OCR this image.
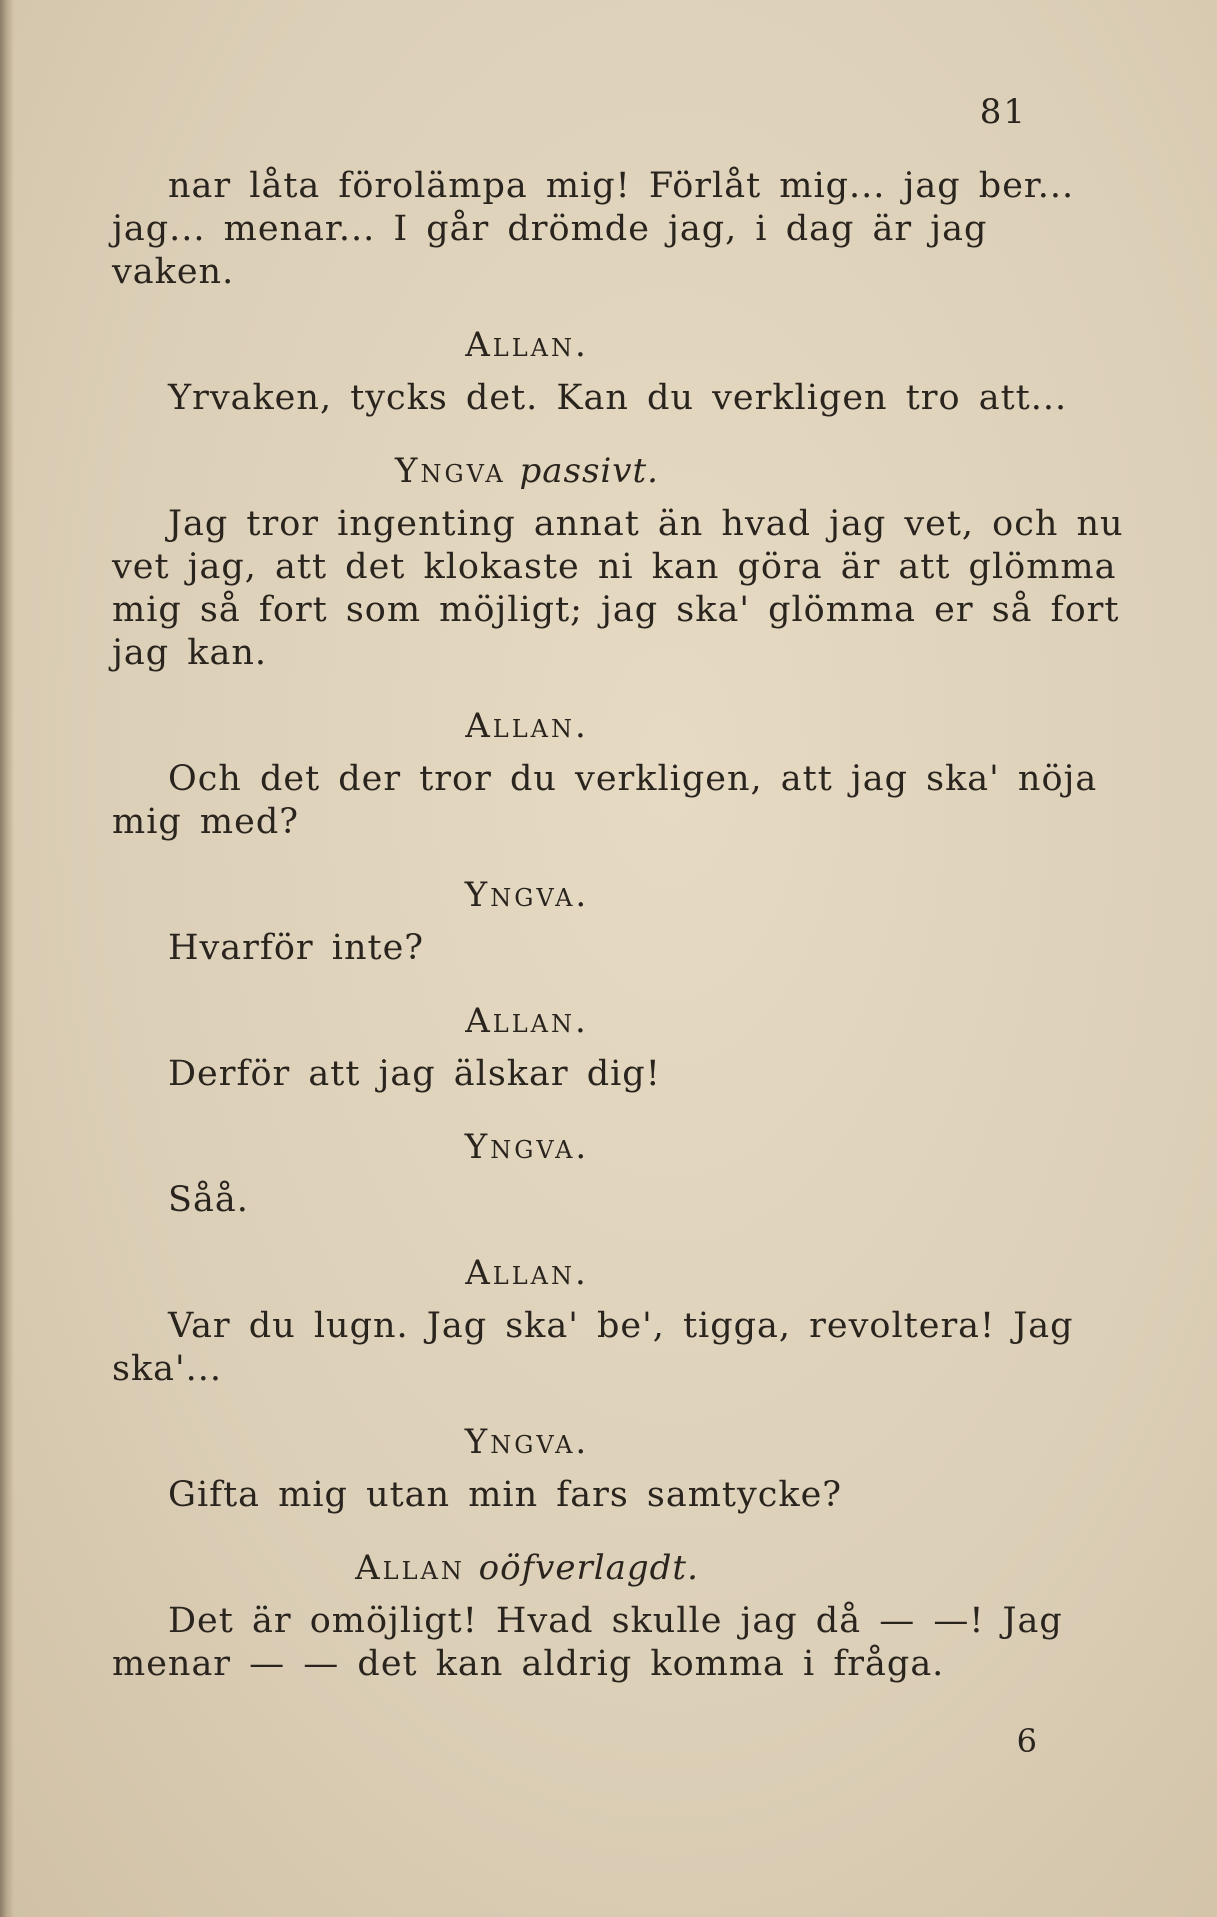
81

nar låta förolämpa mig! Förlåt mig... jag ber...
jag... menar... I går drömde jag, i dag är jag
vaken.

Allan.

Yrvaken, tycks det. Kan du verkligen tro att...

Yngva passivt.

Jag tror ingenting annat än hvad jag vet, och nu
vet jag, att det klokaste ni kan göra är att glömma
mig så fort som möjligt; jag ska' glömma er så fort
jag kan.

Allan.

Och det der tror du verkligen, att jag ska' nöja
mig med?

Yngva.

Hvarför inte?

Allan.

Derför att jag älskar dig!

Yngva.

Såå.

Allan.

Var du lugn. Jag ska' be', tigga, revoltera! Jag
ska'...

Yngva.

Gifta mig utan min fars samtycke?

Allan oöfverlagdt.

Det är omöjligt! Hvad skulle jag då — —! Jag
menar — — det kan aldrig komma i fråga.

6
